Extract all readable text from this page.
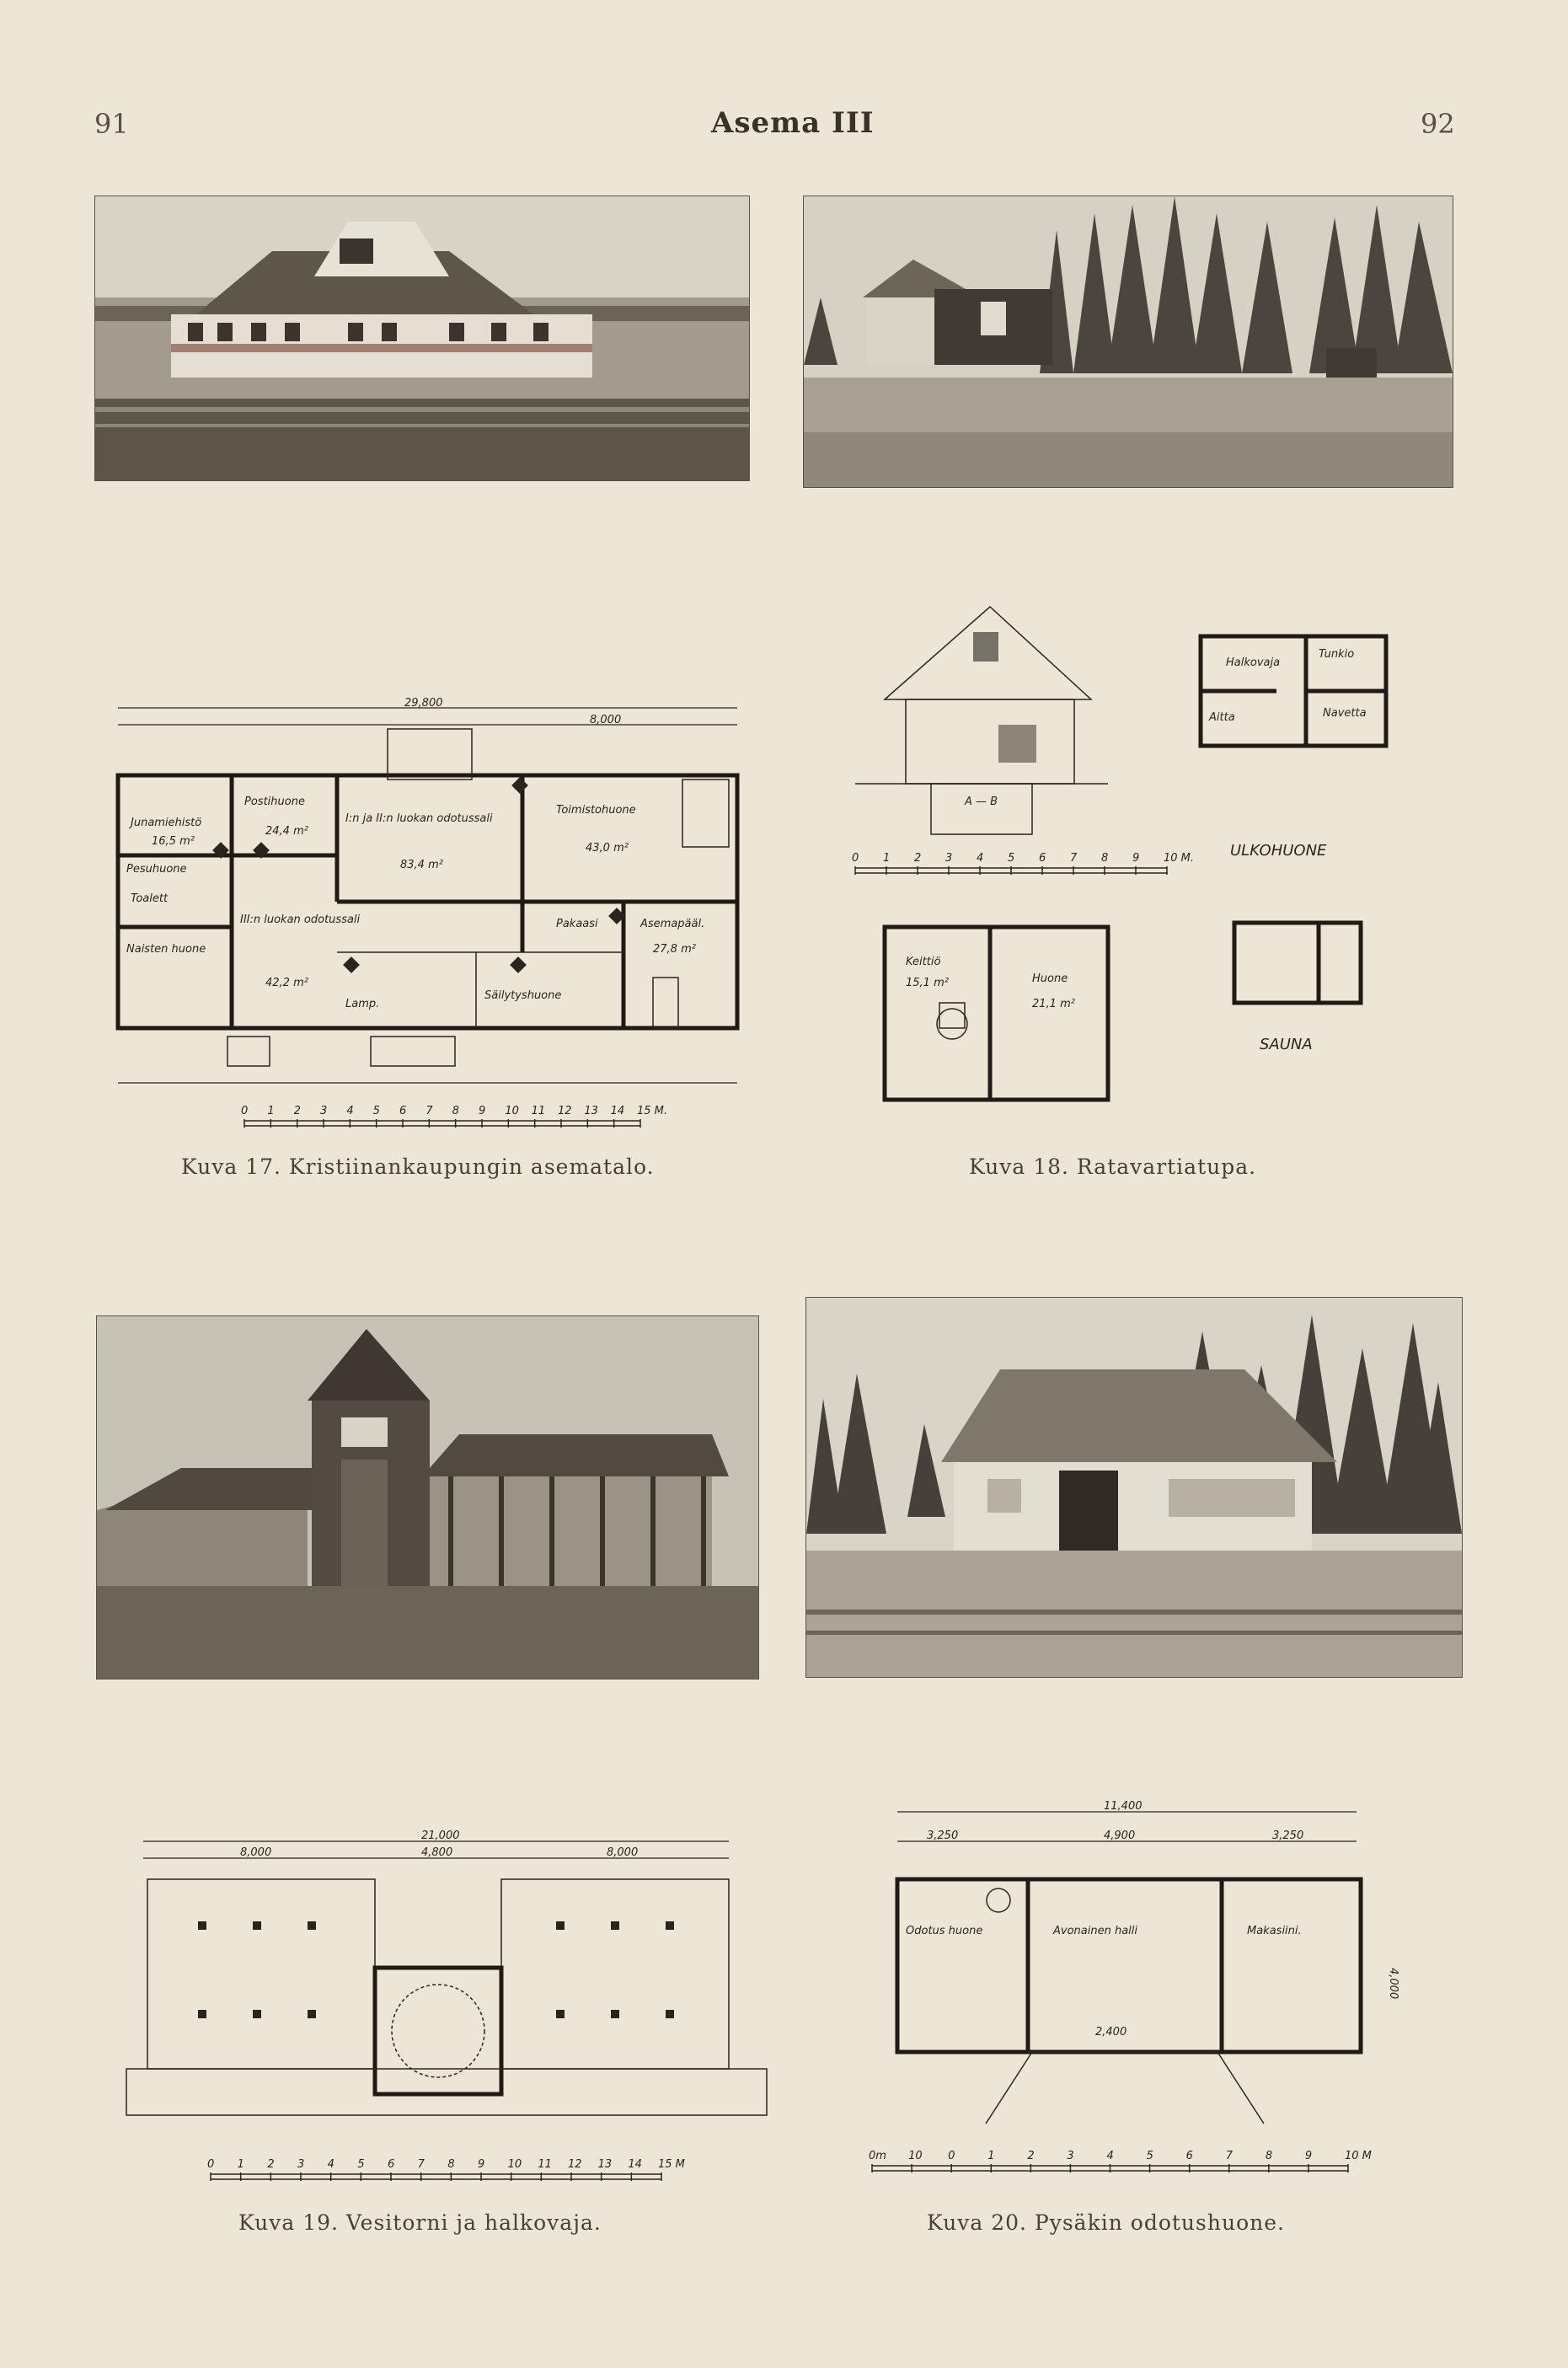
91	Asema III	92
29,800
8,000
Junamiehistö
16,5 m²
Postihuone
24,4 m²
I:n ja II:n luokan odotussali
83,4 m²
Toimistohuone
43,0 m²
Pesuhuone
Toalett
Naisten huone
III:n luokan odotussali
42,2 m²
Lamp.
Säilytyshuone
Pakaasi	Asemapääl.
27,8 m²
0 1 2 3 4 5 6 7 8 9 10 11 12 13 14 15 M.
Kuva 17. Kristiinankaupungin asematalo.
A — B
Keittiö
15,1 m²	Huone
21,1 m²
Halkovaja
Tunkio
Navetta
Aitta
ULKOHUONE
SAUNA
0 1 2 3 4 5 6 7 8 9 10 M.
Kuva 18. Ratavartiatupa.
21,000
8,000	4,800	8,000
0 1 2 3 4 5 6 7 8 9 10 11 12 13 14 15 M
Kuva 19. Vesitorni ja halkovaja.
11,400
3,250	4,900	3,250
Odotus huone	Avonainen halli	Makasiini.
2,400
4,000
0m 10 0	1	2	3	4	5	6	7	8	9	10 M
Kuva 20. Pysäkin odotushuone.
